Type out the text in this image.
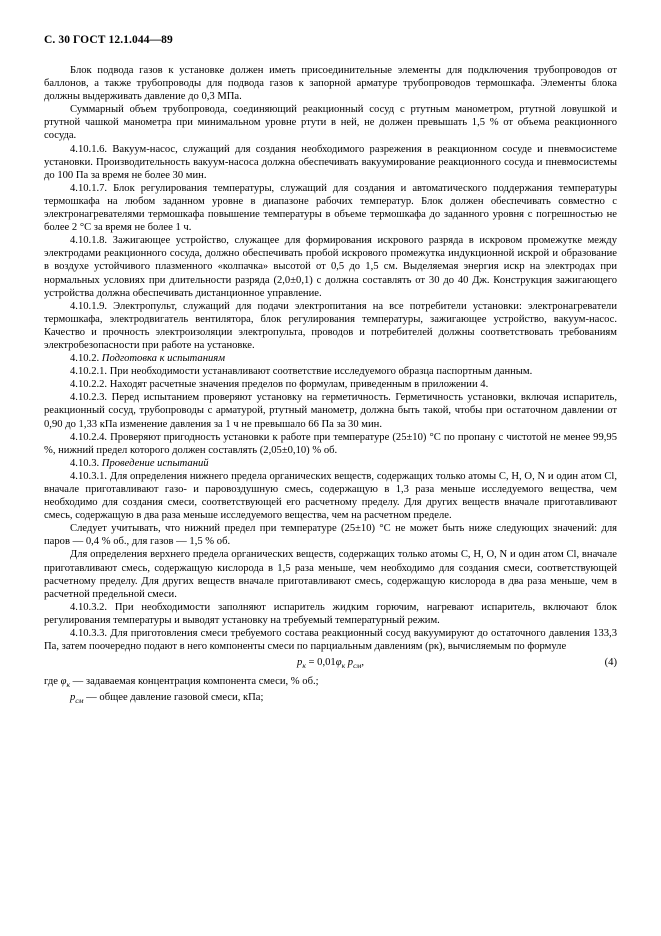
С. 30 ГОСТ 12.1.044—89

Блок подвода газов к установке должен иметь присоединительные элементы для подключения трубопроводов от баллонов, а также трубопроводы для подвода газов к запорной арматуре трубопроводов термошкафа. Элементы блока должны выдерживать давление до 0,3 МПа.

Суммарный объем трубопровода, соединяющий реакционный сосуд с ртутным манометром, ртутной ловушкой и ртутной чашкой манометра при минимальном уровне ртути в ней, не должен превышать 1,5 % от объема реакционного сосуда.

4.10.1.6. Вакуум-насос, служащий для создания необходимого разрежения в реакционном сосуде и пневмосистеме установки. Производительность вакуум-насоса должна обеспечивать вакуумирование реакционного сосуда и пневмосистемы до 100 Па за время не более 30 мин.

4.10.1.7. Блок регулирования температуры, служащий для создания и автоматического поддержания температуры термошкафа на любом заданном уровне в диапазоне рабочих температур. Блок должен обеспечивать совместно с электронагревателями термошкафа повышение температуры в объеме термошкафа до заданного уровня с погрешностью не более 2 °С за время не более 1 ч.

4.10.1.8. Зажигающее устройство, служащее для формирования искрового разряда в искровом промежутке между электродами реакционного сосуда, должно обеспечивать пробой искрового промежутка индукционной искрой и образование в воздухе устойчивого плазменного «колпачка» высотой от 0,5 до 1,5 см. Выделяемая энергия искр на электродах при нормальных условиях при длительности разряда (2,0±0,1) с должна составлять от 30 до 40 Дж. Конструкция зажигающего устройства должна обеспечивать дистанционное управление.

4.10.1.9. Электропульт, служащий для подачи электропитания на все потребители установки: электронагреватели термошкафа, электродвигатель вентилятора, блок регулирования температуры, зажигающее устройство, вакуум-насос. Качество и прочность электроизоляции электропульта, проводов и потребителей должны соответствовать требованиям электробезопасности при работе на установке.

4.10.2. Подготовка к испытаниям

4.10.2.1. При необходимости устанавливают соответствие исследуемого образца паспортным данным.

4.10.2.2. Находят расчетные значения пределов по формулам, приведенным в приложении 4.

4.10.2.3. Перед испытанием проверяют установку на герметичность. Герметичность установки, включая испаритель, реакционный сосуд, трубопроводы с арматурой, ртутный манометр, должна быть такой, чтобы при остаточном давлении от 0,90 до 1,33 кПа изменение давления за 1 ч не превышало 66 Па за 30 мин.

4.10.2.4. Проверяют пригодность установки к работе при температуре (25±10) °С по пропану с чистотой не менее 99,95 %, нижний предел которого должен составлять (2,05±0,10) % об.

4.10.3. Проведение испытаний

4.10.3.1. Для определения нижнего предела органических веществ, содержащих только атомы С, Н, О, N и один атом Сl, вначале приготавливают газо- и паровоздушную смесь, содержащую в 1,3 раза меньше исследуемого вещества, чем необходимо для создания смеси, соответствующей его расчетному пределу. Для других веществ вначале приготавливают смесь, содержащую в два раза меньше исследуемого вещества, чем на расчетном пределе.

Следует учитывать, что нижний предел при температуре (25±10) °С не может быть ниже следующих значений: для паров — 0,4 % об., для газов — 1,5 % об.

Для определения верхнего предела органических веществ, содержащих только атомы С, Н, О, N и один атом Сl, вначале приготавливают смесь, содержащую кислорода в 1,5 раза меньше, чем необходимо для создания смеси, соответствующей расчетному пределу. Для других веществ вначале приготавливают смесь, содержащую кислорода в два раза меньше, чем в расчетной предельной смеси.

4.10.3.2. При необходимости заполняют испаритель жидким горючим, нагревают испаритель, включают блок регулирования температуры и выводят установку на требуемый температурный режим.

4.10.3.3. Для приготовления смеси требуемого состава реакционный сосуд вакуумируют до остаточного давления 133,3 Па, затем поочередно подают в него компоненты смеси по парциальным давлениям (pк), вычисляемым по формуле

$p_к = 0,01\varphi_к$ $p_{см}$,	(4)
где $\varphi_к$ — задаваемая концентрация компонента смеси, % об.;
$p_{см}$ — общее давление газовой смеси, кПа;
